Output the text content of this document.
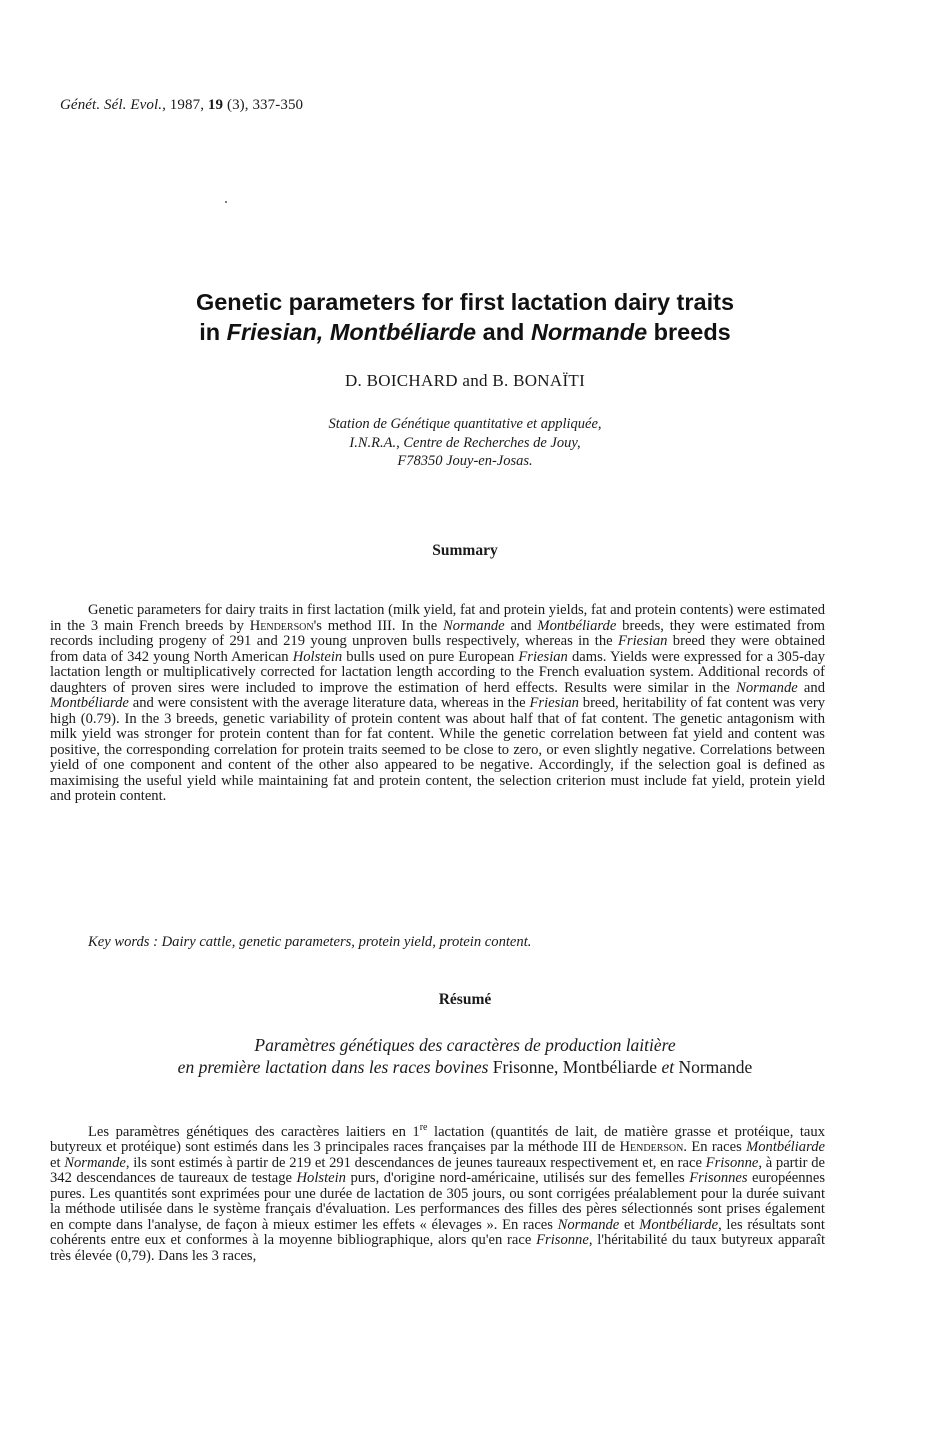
Génét. Sél. Evol., 1987, 19 (3), 337-350
Genetic parameters for first lactation dairy traits
in Friesian, Montbéliarde and Normande breeds
D. BOICHARD and B. BONAÏTI
Station de Génétique quantitative et appliquée,
I.N.R.A., Centre de Recherches de Jouy,
F78350 Jouy-en-Josas.
Summary
Genetic parameters for dairy traits in first lactation (milk yield, fat and protein yields, fat and protein contents) were estimated in the 3 main French breeds by Henderson's method III. In the Normande and Montbéliarde breeds, they were estimated from records including progeny of 291 and 219 young unproven bulls respectively, whereas in the Friesian breed they were obtained from data of 342 young North American Holstein bulls used on pure European Friesian dams. Yields were expressed for a 305-day lactation length or multiplicatively corrected for lactation length according to the French evaluation system. Additional records of daughters of proven sires were included to improve the estimation of herd effects. Results were similar in the Normande and Montbéliarde and were consistent with the average literature data, whereas in the Friesian breed, heritability of fat content was very high (0.79). In the 3 breeds, genetic variability of protein content was about half that of fat content. The genetic antagonism with milk yield was stronger for protein content than for fat content. While the genetic correlation between fat yield and content was positive, the corresponding correlation for protein traits seemed to be close to zero, or even slightly negative. Correlations between yield of one component and content of the other also appeared to be negative. Accordingly, if the selection goal is defined as maximising the useful yield while maintaining fat and protein content, the selection criterion must include fat yield, protein yield and protein content.
Key words : Dairy cattle, genetic parameters, protein yield, protein content.
Résumé
Paramètres génétiques des caractères de production laitière
en première lactation dans les races bovines Frisonne, Montbéliarde et Normande
Les paramètres génétiques des caractères laitiers en 1re lactation (quantités de lait, de matière grasse et protéique, taux butyreux et protéique) sont estimés dans les 3 principales races françaises par la méthode III de Henderson. En races Montbéliarde et Normande, ils sont estimés à partir de 219 et 291 descendances de jeunes taureaux respectivement et, en race Frisonne, à partir de 342 descendances de taureaux de testage Holstein purs, d'origine nord-américaine, utilisés sur des femelles Frisonnes européennes pures. Les quantités sont exprimées pour une durée de lactation de 305 jours, ou sont corrigées préalablement pour la durée suivant la méthode utilisée dans le système français d'évaluation. Les performances des filles des pères sélectionnés sont prises également en compte dans l'analyse, de façon à mieux estimer les effets « élevages ». En races Normande et Montbéliarde, les résultats sont cohérents entre eux et conformes à la moyenne bibliographique, alors qu'en race Frisonne, l'héritabilité du taux butyreux apparaît très élevée (0,79). Dans les 3 races,
